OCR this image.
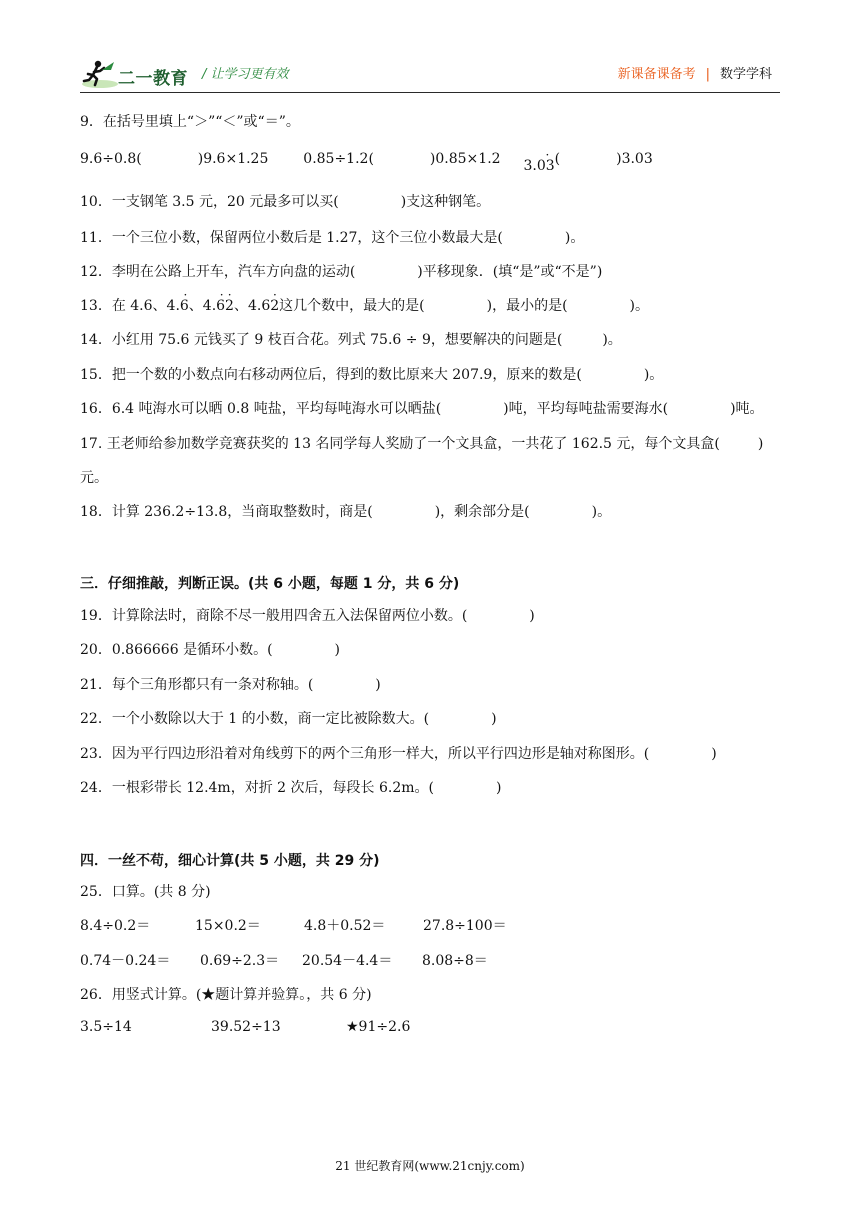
二一教育 / 让学习更有效	新课备课备考 | 数学学科
9．在括号里填上“＞”“＜”或“＝”。
9.6÷0.8(	)9.6×1.25 0.85÷1.2(	)0.85×1.2 3.03
· (	)3.03
10．一支钢笔 3.5 元，20 元最多可以买(	)支这种钢笔。
11．一个三位小数，保留两位小数后是 1.27，这个三位小数最大是(	)。
12．李明在公路上开车，汽车方向盘的运动(	)平移现象．(填“是”或“不是”)
13．在 4.6、4.6
·
、4.62
· ·
、4.62
·
这几个数中，最大的是(	)，最小的是(	)。
14．小红用 75.6 元钱买了 9 枝百合花。列式 75.6 ÷ 9，想要解决的问题是(	)。
15．把一个数的小数点向右移动两位后，得到的数比原来大 207.9，原来的数是(	)。
16．6.4 吨海水可以晒 0.8 吨盐，平均每吨海水可以晒盐(	)吨，平均每吨盐需要海水(	)吨。
17. 王老师给参加数学竞赛获奖的 13 名同学每人奖励了一个文具盒，一共花了 162.5 元，每个文具盒(	)
元。
18．计算 236.2÷13.8，当商取整数时，商是(	)，剩余部分是(	)。
三．仔细推敲，判断正误。(共 6 小题，每题 1 分，共 6 分)
19．计算除法时，商除不尽一般用四舍五入法保留两位小数。(	)
20．0.866666 是循环小数。(	)
21．每个三角形都只有一条对称轴。(	)
22．一个小数除以大于 1 的小数，商一定比被除数大。(	)
23．因为平行四边形沿着对角线剪下的两个三角形一样大，所以平行四边形是轴对称图形。(	)
24．一根彩带长 12.4m，对折 2 次后，每段长 6.2m。(	)
四．一丝不苟，细心计算(共 5 小题，共 29 分)
25．口算。(共 8 分)
8.4÷0.2＝	15×0.2＝	4.8＋0.52＝	27.8÷100＝
0.74－0.24＝ 0.69÷2.3＝ 20.54－4.4＝ 8.08÷8＝
26．用竖式计算。(★题计算并验算。，共 6 分)
3.5÷14	39.52÷13	★91÷2.6
21 世纪教育网(www.21cnjy.com)
